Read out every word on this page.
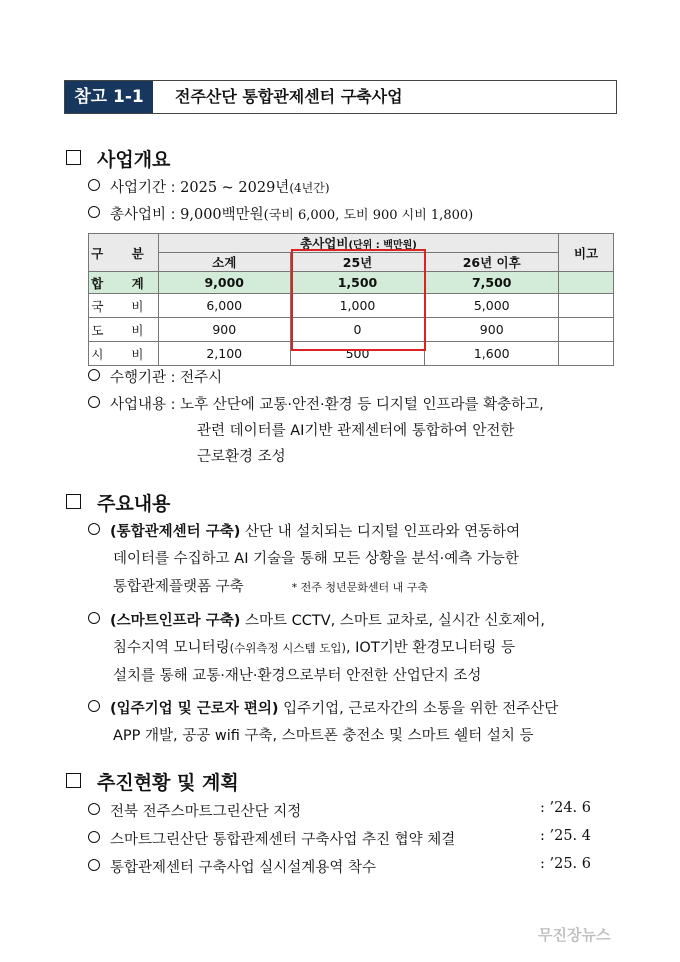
참고 1-1	전주산단 통합관제센터 구축사업
사업개요
사업기간 : 2025 ~ 2029년(4년간)
총사업비 : 9,000백만원(국비 6,000, 도비 900 시비 1,800)
구 분	총사업비(단위 : 백만원)			비고
	소계	25년	26년 이후	
합 계	9,000	1,500	7,500	
국 비	6,000	1,000	5,000	
도 비	900	0	900	
시 비	2,100	500	1,600	
수행기관 : 전주시
사업내용 : 노후 산단에 교통·안전·환경 등 디지털 인프라를 확충하고,
관련 데이터를 AI기반 관제센터에 통합하여 안전한
근로환경 조성
주요내용
(통합관제센터 구축) 산단 내 설치되는 디지털 인프라와 연동하여
데이터를 수집하고 AI 기술을 통해 모든 상황을 분석·예측 가능한
통합관제플랫폼 구축	* 전주 청년문화센터 내 구축
(스마트인프라 구축) 스마트 CCTV, 스마트 교차로, 실시간 신호제어,
침수지역 모니터링(수위측정 시스템 도입), IOT기반 환경모니터링 등
설치를 통해 교통·재난·환경으로부터 안전한 산업단지 조성
(입주기업 및 근로자 편의) 입주기업, 근로자간의 소통을 위한 전주산단
APP 개발, 공공 wifi 구축, 스마트폰 충전소 및 스마트 쉘터 설치 등
추진현황 및 계획
전북 전주스마트그린산단 지정	: ’24. 6
스마트그린산단 통합관제센터 구축사업 추진 협약 체결	: ’25. 4
통합관제센터 구축사업 실시설계용역 착수	: ’25. 6
무진장뉴스
